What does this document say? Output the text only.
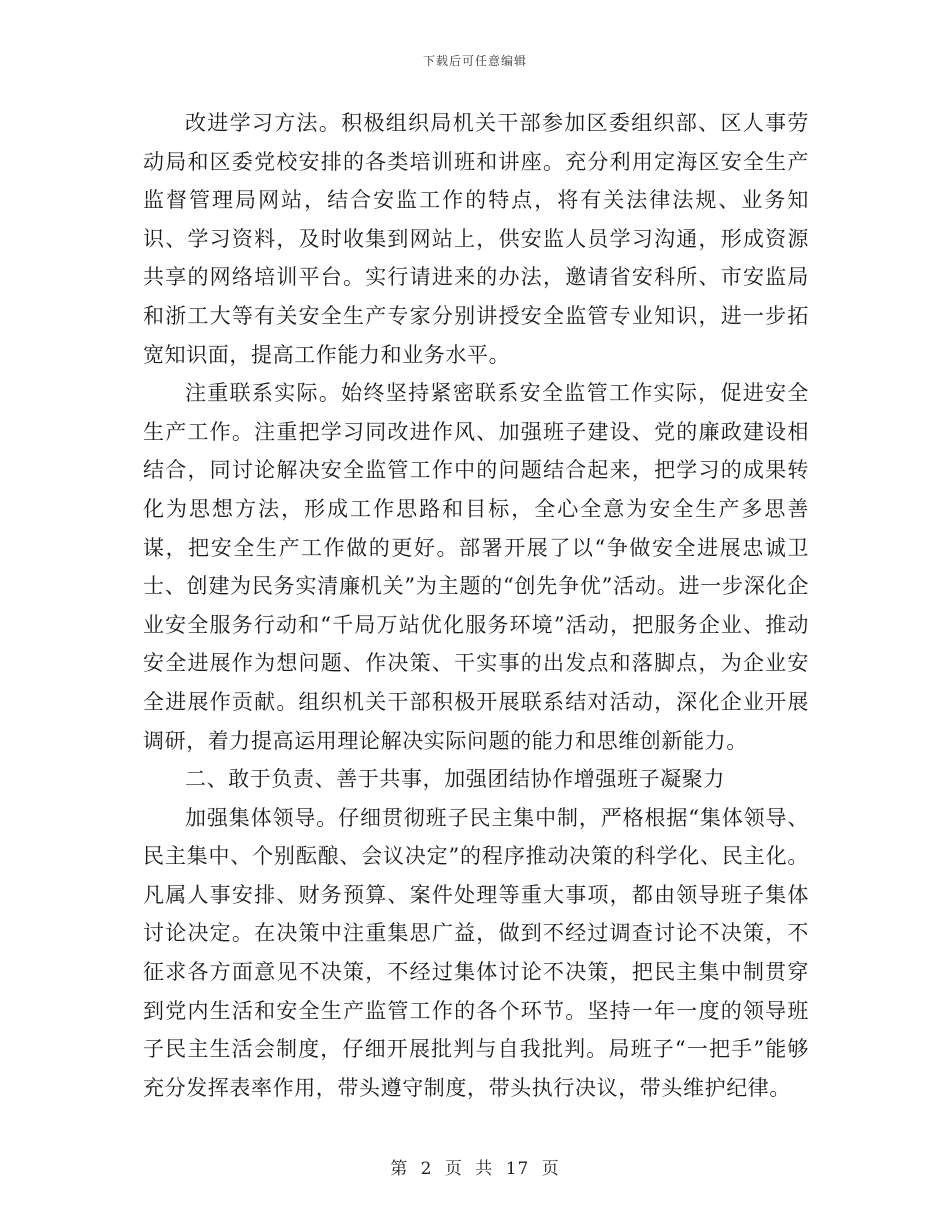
下载后可任意编辑

改进学习方法。积极组织局机关干部参加区委组织部、区人事劳动局和区委党校安排的各类培训班和讲座。充分利用定海区安全生产监督管理局网站，结合安监工作的特点，将有关法律法规、业务知识、学习资料，及时收集到网站上，供安监人员学习沟通，形成资源共享的网络培训平台。实行请进来的办法，邀请省安科所、市安监局和浙工大等有关安全生产专家分别讲授安全监管专业知识，进一步拓宽知识面，提高工作能力和业务水平。

注重联系实际。始终坚持紧密联系安全监管工作实际，促进安全生产工作。注重把学习同改进作风、加强班子建设、党的廉政建设相结合，同讨论解决安全监管工作中的问题结合起来，把学习的成果转化为思想方法，形成工作思路和目标，全心全意为安全生产多思善谋，把安全生产工作做的更好。部署开展了以“争做安全进展忠诚卫士、创建为民务实清廉机关”为主题的“创先争优”活动。进一步深化企业安全服务行动和“千局万站优化服务环境”活动，把服务企业、推动安全进展作为想问题、作决策、干实事的出发点和落脚点，为企业安全进展作贡献。组织机关干部积极开展联系结对活动，深化企业开展调研，着力提高运用理论解决实际问题的能力和思维创新能力。

二、敢于负责、善于共事，加强团结协作增强班子凝聚力

加强集体领导。仔细贯彻班子民主集中制，严格根据“集体领导、民主集中、个别酝酿、会议决定”的程序推动决策的科学化、民主化。凡属人事安排、财务预算、案件处理等重大事项，都由领导班子集体讨论决定。在决策中注重集思广益，做到不经过调查讨论不决策，不征求各方面意见不决策，不经过集体讨论不决策，把民主集中制贯穿到党内生活和安全生产监管工作的各个环节。坚持一年一度的领导班子民主生活会制度，仔细开展批判与自我批判。局班子“一把手”能够充分发挥表率作用，带头遵守制度，带头执行决议，带头维护纪律。

第 2 页 共 17 页
